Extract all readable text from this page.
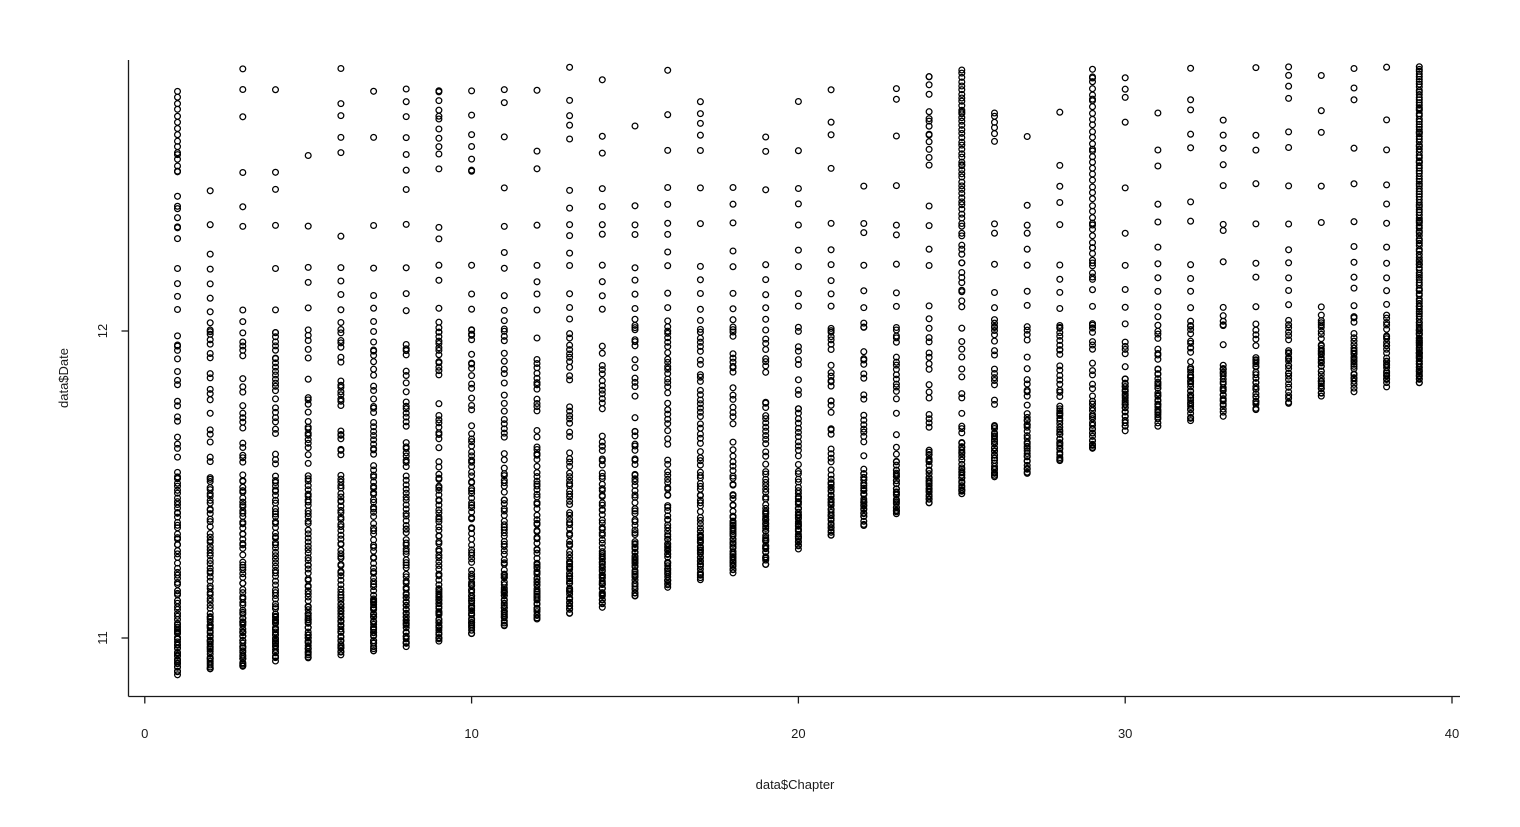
0	10	20	30	40
11
12
data$Chapter
data$Date
